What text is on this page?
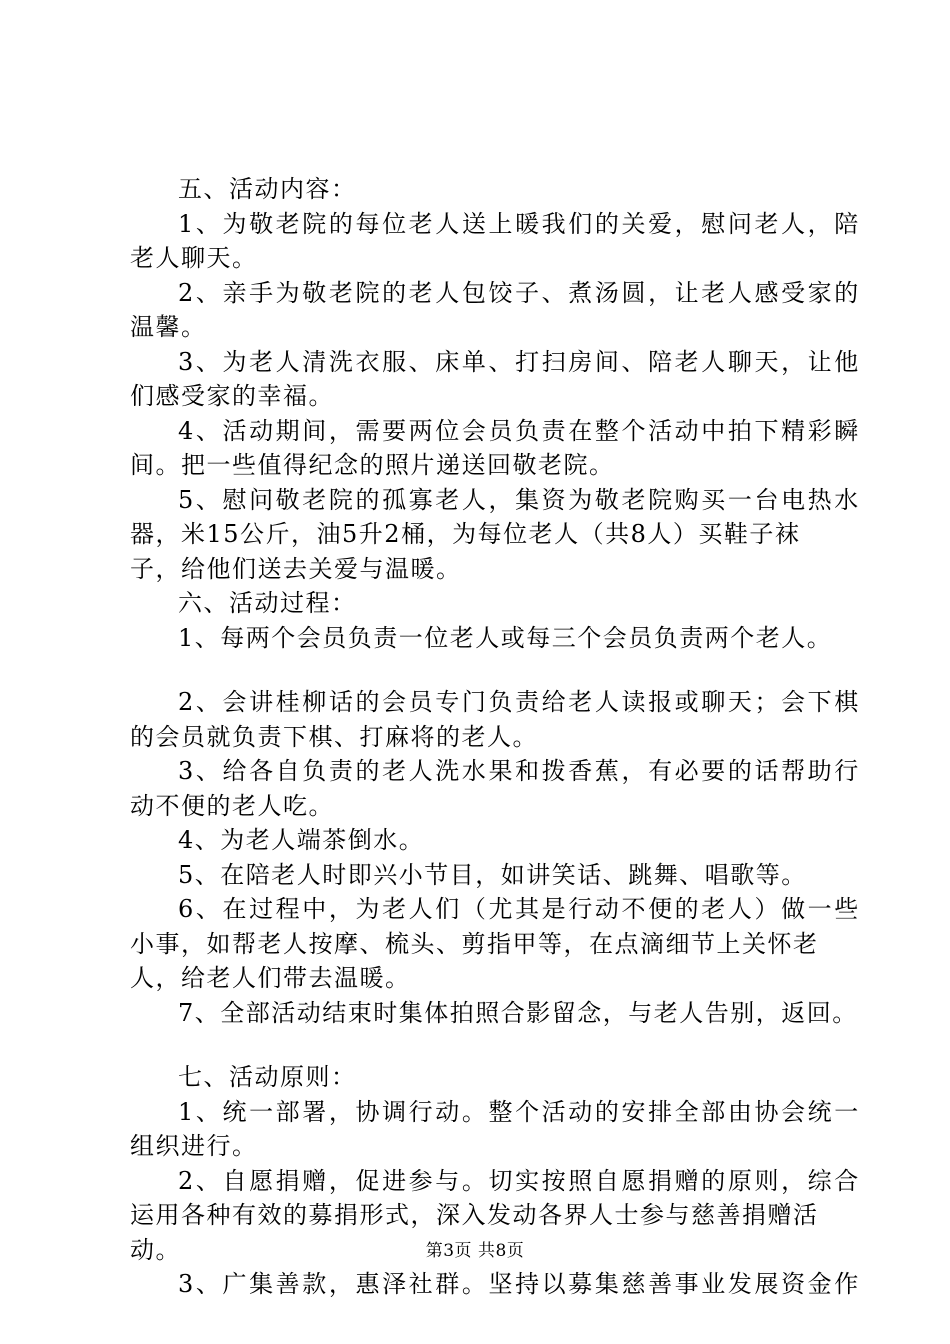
五、活动内容：
1、为敬老院的每位老人送上暖我们的关爱，慰问老人，陪
老人聊天。
2、亲手为敬老院的老人包饺子、煮汤圆，让老人感受家的
温馨。
3、为老人清洗衣服、床单、打扫房间、陪老人聊天，让他
们感受家的幸福。
4、活动期间，需要两位会员负责在整个活动中拍下精彩瞬
间。把一些值得纪念的照片递送回敬老院。
5、慰问敬老院的孤寡老人，集资为敬老院购买一台电热水
器，米15公斤，油5升2桶，为每位老人（共8人）买鞋子袜
子，给他们送去关爱与温暖。
六、活动过程：
1、每两个会员负责一位老人或每三个会员负责两个老人。
2、会讲桂柳话的会员专门负责给老人读报或聊天；会下棋
的会员就负责下棋、打麻将的老人。
3、给各自负责的老人洗水果和拨香蕉，有必要的话帮助行
动不便的老人吃。
4、为老人端茶倒水。
5、在陪老人时即兴小节目，如讲笑话、跳舞、唱歌等。
6、在过程中，为老人们（尤其是行动不便的老人）做一些
小事，如帮老人按摩、梳头、剪指甲等，在点滴细节上关怀老
人，给老人们带去温暖。
7、全部活动结束时集体拍照合影留念，与老人告别，返回。
七、活动原则：
1、统一部署，协调行动。整个活动的安排全部由协会统一
组织进行。
2、自愿捐赠，促进参与。切实按照自愿捐赠的原则，综合
运用各种有效的募捐形式，深入发动各界人士参与慈善捐赠活
动。
3、广集善款，惠泽社群。坚持以募集慈善事业发展资金作
第3页 共8页
